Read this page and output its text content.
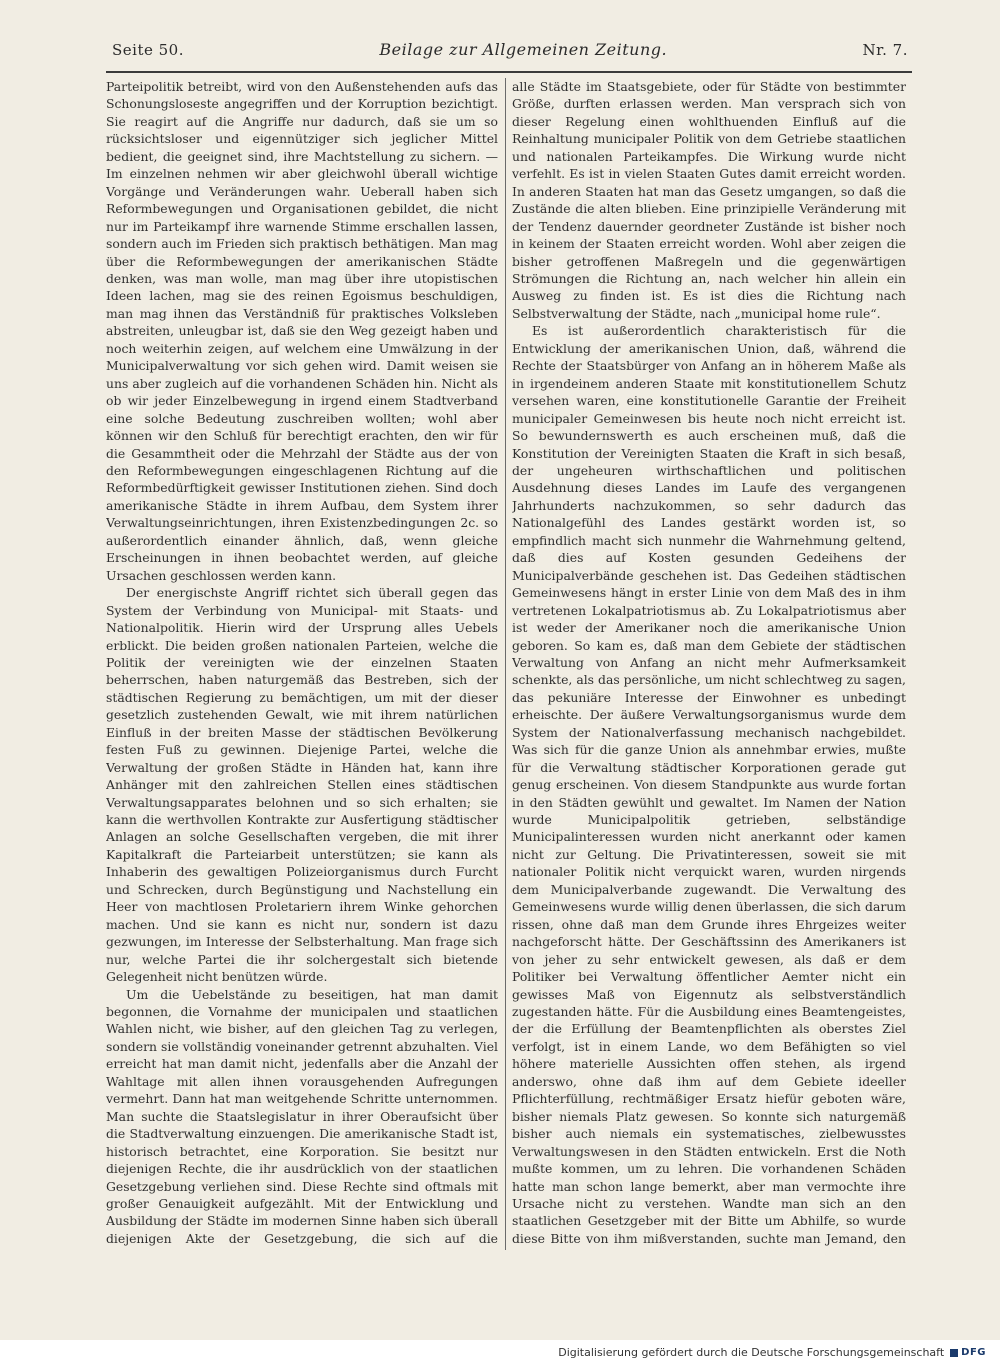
Seite 50.	Beilage zur Allgemeinen Zeitung.	Nr. 7.

Parteipolitik betreibt, wird von den Außenstehenden aufs das Schonungsloseste angegriffen und der Korruption bezichtigt. Sie reagirt auf die Angriffe nur dadurch, daß sie um so rücksichtsloser und eigennütziger sich jeglicher Mittel bedient, die geeignet sind, ihre Machtstellung zu sichern. — Im einzelnen nehmen wir aber gleichwohl überall wichtige Vorgänge und Veränderungen wahr. Ueberall haben sich Reformbewegungen und Organisationen gebildet, die nicht nur im Parteikampf ihre warnende Stimme erschallen lassen, sondern auch im Frieden sich praktisch bethätigen. Man mag über die Reformbewegungen der amerikanischen Städte denken, was man wolle, man mag über ihre utopistischen Ideen lachen, mag sie des reinen Egoismus beschuldigen, man mag ihnen das Verständniß für praktisches Volksleben abstreiten, unleugbar ist, daß sie den Weg gezeigt haben und noch weiterhin zeigen, auf welchem eine Umwälzung in der Municipalverwaltung vor sich gehen wird. Damit weisen sie uns aber zugleich auf die vorhandenen Schäden hin. Nicht als ob wir jeder Einzelbewegung in irgend einem Stadtverband eine solche Bedeutung zuschreiben wollten; wohl aber können wir den Schluß für berechtigt erachten, den wir für die Gesammtheit oder die Mehrzahl der Städte aus der von den Reformbewegungen eingeschlagenen Richtung auf die Reformbedürftigkeit gewisser Institutionen ziehen. Sind doch amerikanische Städte in ihrem Aufbau, dem System ihrer Verwaltungseinrichtungen, ihren Existenzbedingungen 2c. so außerordentlich einander ähnlich, daß, wenn gleiche Erscheinungen in ihnen beobachtet werden, auf gleiche Ursachen geschlossen werden kann.

Der energischste Angriff richtet sich überall gegen das System der Verbindung von Municipal- mit Staats- und Nationalpolitik. Hierin wird der Ursprung alles Uebels erblickt. Die beiden großen nationalen Parteien, welche die Politik der vereinigten wie der einzelnen Staaten beherrschen, haben naturgemäß das Bestreben, sich der städtischen Regierung zu bemächtigen, um mit der dieser gesetzlich zustehenden Gewalt, wie mit ihrem natürlichen Einfluß in der breiten Masse der städtischen Bevölkerung festen Fuß zu gewinnen. Diejenige Partei, welche die Verwaltung der großen Städte in Händen hat, kann ihre Anhänger mit den zahlreichen Stellen eines städtischen Verwaltungsapparates belohnen und so sich erhalten; sie kann die werthvollen Kontrakte zur Ausfertigung städtischer Anlagen an solche Gesellschaften vergeben, die mit ihrer Kapitalkraft die Parteiarbeit unterstützen; sie kann als Inhaberin des gewaltigen Polizeiorganismus durch Furcht und Schrecken, durch Begünstigung und Nachstellung ein Heer von machtlosen Proletariern ihrem Winke gehorchen machen. Und sie kann es nicht nur, sondern ist dazu gezwungen, im Interesse der Selbsterhaltung. Man frage sich nur, welche Partei die ihr solchergestalt sich bietende Gelegenheit nicht benützen würde.

Um die Uebelstände zu beseitigen, hat man damit begonnen, die Vornahme der municipalen und staatlichen Wahlen nicht, wie bisher, auf den gleichen Tag zu verlegen, sondern sie vollständig voneinander getrennt abzuhalten. Viel erreicht hat man damit nicht, jedenfalls aber die Anzahl der Wahltage mit allen ihnen vorausgehenden Aufregungen vermehrt. Dann hat man weitgehende Schritte unternommen. Man suchte die Staatslegislatur in ihrer Oberaufsicht über die Stadtverwaltung einzuengen. Die amerikanische Stadt ist, historisch betrachtet, eine Korporation. Sie besitzt nur diejenigen Rechte, die ihr ausdrücklich von der staatlichen Gesetzgebung verliehen sind. Diese Rechte sind oftmals mit großer Genauigkeit aufgezählt. Mit der Entwicklung und Ausbildung der Städte im modernen Sinne haben sich überall diejenigen Akte der Gesetzgebung, die sich auf die

alle Städte im Staatsgebiete, oder für Städte von bestimmter Größe, durften erlassen werden. Man versprach sich von dieser Regelung einen wohlthuenden Einfluß auf die Reinhaltung municipaler Politik von dem Getriebe staatlichen und nationalen Parteikampfes. Die Wirkung wurde nicht verfehlt. Es ist in vielen Staaten Gutes damit erreicht worden. In anderen Staaten hat man das Gesetz umgangen, so daß die Zustände die alten blieben. Eine prinzipielle Veränderung mit der Tendenz dauernder geordneter Zustände ist bisher noch in keinem der Staaten erreicht worden. Wohl aber zeigen die bisher getroffenen Maßregeln und die gegenwärtigen Strömungen die Richtung an, nach welcher hin allein ein Ausweg zu finden ist. Es ist dies die Richtung nach Selbstverwaltung der Städte, nach „municipal home rule“.

Es ist außerordentlich charakteristisch für die Entwicklung der amerikanischen Union, daß, während die Rechte der Staatsbürger von Anfang an in höherem Maße als in irgendeinem anderen Staate mit konstitutionellem Schutz versehen waren, eine konstitutionelle Garantie der Freiheit municipaler Gemeinwesen bis heute noch nicht erreicht ist. So bewundernswerth es auch erscheinen muß, daß die Konstitution der Vereinigten Staaten die Kraft in sich besaß, der ungeheuren wirthschaftlichen und politischen Ausdehnung dieses Landes im Laufe des vergangenen Jahrhunderts nachzukommen, so sehr dadurch das Nationalgefühl des Landes gestärkt worden ist, so empfindlich macht sich nunmehr die Wahrnehmung geltend, daß dies auf Kosten gesunden Gedeihens der Municipalverbände geschehen ist. Das Gedeihen städtischen Gemeinwesens hängt in erster Linie von dem Maß des in ihm vertretenen Lokalpatriotismus ab. Zu Lokalpatriotismus aber ist weder der Amerikaner noch die amerikanische Union geboren. So kam es, daß man dem Gebiete der städtischen Verwaltung von Anfang an nicht mehr Aufmerksamkeit schenkte, als das persönliche, um nicht schlechtweg zu sagen, das pekuniäre Interesse der Einwohner es unbedingt erheischte. Der äußere Verwaltungsorganismus wurde dem System der Nationalverfassung mechanisch nachgebildet. Was sich für die ganze Union als annehmbar erwies, mußte für die Verwaltung städtischer Korporationen gerade gut genug erscheinen. Von diesem Standpunkte aus wurde fortan in den Städten gewühlt und gewaltet. Im Namen der Nation wurde Municipalpolitik getrieben, selbständige Municipalinteressen wurden nicht anerkannt oder kamen nicht zur Geltung. Die Privatinteressen, soweit sie mit nationaler Politik nicht verquickt waren, wurden nirgends dem Municipalverbande zugewandt. Die Verwaltung des Gemeinwesens wurde willig denen überlassen, die sich darum rissen, ohne daß man dem Grunde ihres Ehrgeizes weiter nachgeforscht hätte. Der Geschäftssinn des Amerikaners ist von jeher zu sehr entwickelt gewesen, als daß er dem Politiker bei Verwaltung öffentlicher Aemter nicht ein gewisses Maß von Eigennutz als selbstverständlich zugestanden hätte. Für die Ausbildung eines Beamtengeistes, der die Erfüllung der Beamtenpflichten als oberstes Ziel verfolgt, ist in einem Lande, wo dem Befähigten so viel höhere materielle Aussichten offen stehen, als irgend anderswo, ohne daß ihm auf dem Gebiete ideeller Pflichterfüllung, rechtmäßiger Ersatz hiefür geboten wäre, bisher niemals Platz gewesen. So konnte sich naturgemäß bisher auch niemals ein systematisches, zielbewusstes Verwaltungswesen in den Städten entwickeln. Erst die Noth mußte kommen, um zu lehren. Die vorhandenen Schäden hatte man schon lange bemerkt, aber man vermochte ihre Ursache nicht zu verstehen. Wandte man sich an den staatlichen Gesetzgeber mit der Bitte um Abhilfe, so wurde diese Bitte von ihm mißverstanden, suchte man Jemand, den

Digitalisierung gefördert durch die Deutsche Forschungsgemeinschaft DFG
